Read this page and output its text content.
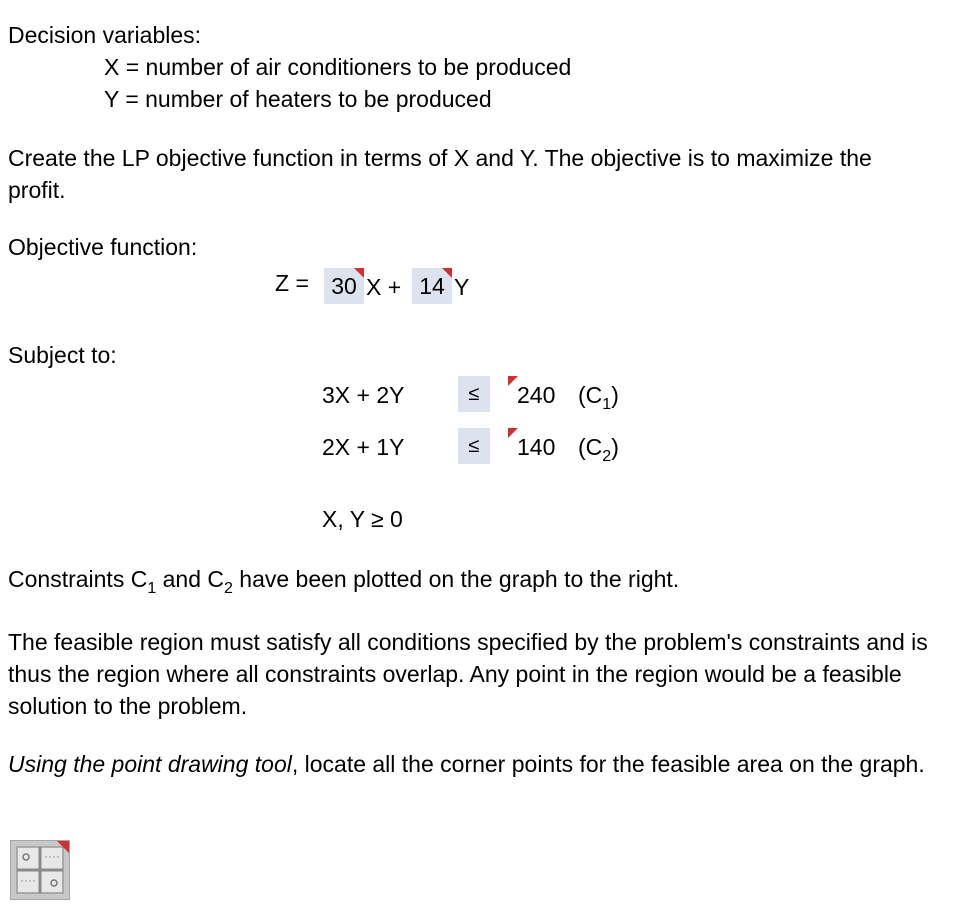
Decision variables:
X = number of air conditioners to be produced
Y = number of heaters to be produced
Create the LP objective function in terms of X and Y. The objective is to maximize the profit.
Objective function:
Z = 30 X + 14 Y
Subject to:
3X + 2Y	≤	240 $(C_1)$
2X + 1Y	≤	140 $(C_2)$
X, Y ≥ 0
Constraints $C_1$ and $C_2$ have been plotted on the graph to the right.
The feasible region must satisfy all conditions specified by the problem's constraints and is thus the region where all constraints overlap. Any point in the region would be a feasible solution to the problem.
Using the point drawing tool, locate all the corner points for the feasible area on the graph.
